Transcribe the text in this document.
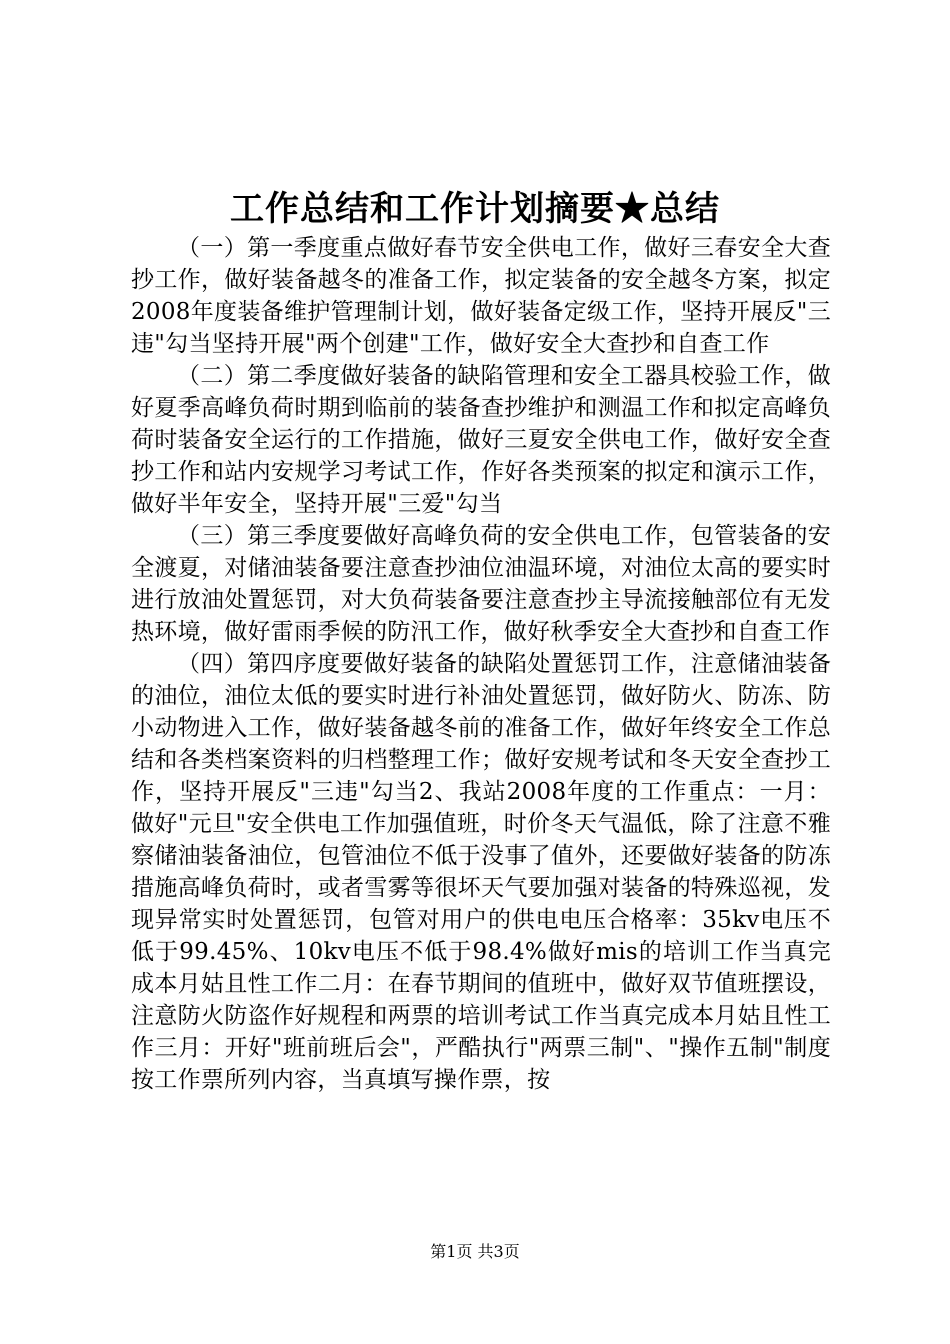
工作总结和工作计划摘要★总结

（一）第一季度重点做好春节安全供电工作，做好三春安全大查抄工作，做好装备越冬的准备工作，拟定装备的安全越冬方案，拟定2008年度装备维护管理制计划，做好装备定级工作，坚持开展反"三违"勾当坚持开展"两个创建"工作，做好安全大查抄和自查工作

（二）第二季度做好装备的缺陷管理和安全工器具校验工作，做好夏季高峰负荷时期到临前的装备查抄维护和测温工作和拟定高峰负荷时装备安全运行的工作措施，做好三夏安全供电工作，做好安全查抄工作和站内安规学习考试工作，作好各类预案的拟定和演示工作，做好半年安全，坚持开展"三爱"勾当

（三）第三季度要做好高峰负荷的安全供电工作，包管装备的安全渡夏，对储油装备要注意查抄油位油温环境，对油位太高的要实时进行放油处置惩罚，对大负荷装备要注意查抄主导流接触部位有无发热环境，做好雷雨季候的防汛工作，做好秋季安全大查抄和自查工作

（四）第四序度要做好装备的缺陷处置惩罚工作，注意储油装备的油位，油位太低的要实时进行补油处置惩罚，做好防火、防冻、防小动物进入工作，做好装备越冬前的准备工作，做好年终安全工作总结和各类档案资料的归档整理工作；做好安规考试和冬天安全查抄工作，坚持开展反"三违"勾当2、我站2008年度的工作重点：一月：做好"元旦"安全供电工作加强值班，时价冬天气温低，除了注意不雅察储油装备油位，包管油位不低于没事了值外，还要做好装备的防冻措施高峰负荷时，或者雪雾等很坏天气要加强对装备的特殊巡视，发现异常实时处置惩罚，包管对用户的供电电压合格率：35kv电压不低于99.45%、10kv电压不低于98.4%做好mis的培训工作当真完成本月姑且性工作二月：在春节期间的值班中，做好双节值班摆设，注意防火防盗作好规程和两票的培训考试工作当真完成本月姑且性工作三月：开好"班前班后会"，严酷执行"两票三制"、"操作五制"制度按工作票所列内容，当真填写操作票，按

第1页 共3页
